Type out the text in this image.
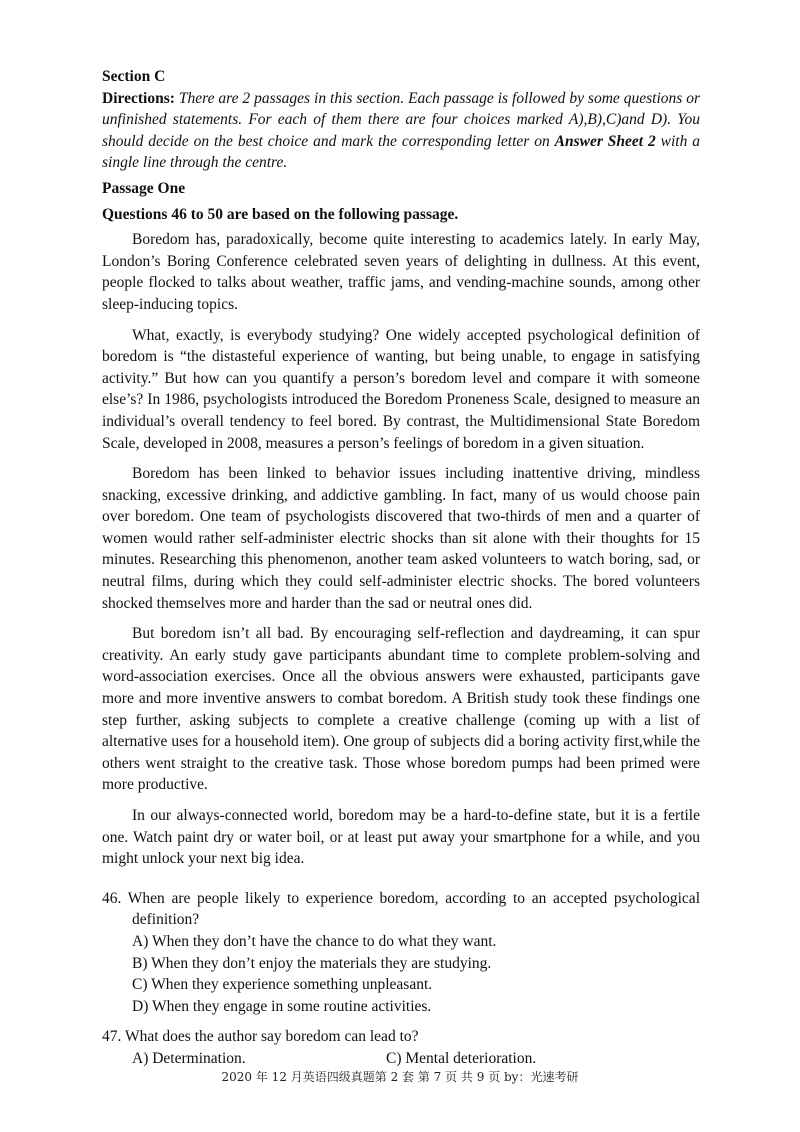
Section C
Directions: There are 2 passages in this section. Each passage is followed by some questions or unfinished statements. For each of them there are four choices marked A),B),C)and D). You should decide on the best choice and mark the corresponding letter on Answer Sheet 2 with a single line through the centre.
Passage One
Questions 46 to 50 are based on the following passage.

Boredom has, paradoxically, become quite interesting to academics lately. In early May, London’s Boring Conference celebrated seven years of delighting in dullness. At this event, people flocked to talks about weather, traffic jams, and vending-machine sounds, among other sleep-inducing topics.

What, exactly, is everybody studying? One widely accepted psychological definition of boredom is “the distasteful experience of wanting, but being unable, to engage in satisfying activity.” But how can you quantify a person’s boredom level and compare it with someone else’s? In 1986, psychologists introduced the Boredom Proneness Scale, designed to measure an individual’s overall tendency to feel bored. By contrast, the Multidimensional State Boredom Scale, developed in 2008, measures a person’s feelings of boredom in a given situation.

Boredom has been linked to behavior issues including inattentive driving, mindless snacking, excessive drinking, and addictive gambling. In fact, many of us would choose pain over boredom. One team of psychologists discovered that two-thirds of men and a quarter of women would rather self-administer electric shocks than sit alone with their thoughts for 15 minutes. Researching this phenomenon, another team asked volunteers to watch boring, sad, or neutral films, during which they could self-administer electric shocks. The bored volunteers shocked themselves more and harder than the sad or neutral ones did.

But boredom isn’t all bad. By encouraging self-reflection and daydreaming, it can spur creativity. An early study gave participants abundant time to complete problem-solving and word-association exercises. Once all the obvious answers were exhausted, participants gave more and more inventive answers to combat boredom. A British study took these findings one step further, asking subjects to complete a creative challenge (coming up with a list of alternative uses for a household item). One group of subjects did a boring activity first,while the others went straight to the creative task. Those whose boredom pumps had been primed were more productive.

In our always-connected world, boredom may be a hard-to-define state, but it is a fertile one. Watch paint dry or water boil, or at least put away your smartphone for a while, and you might unlock your next big idea.

46. When are people likely to experience boredom, according to an accepted psychological definition?
A) When they don’t have the chance to do what they want.
B) When they don’t enjoy the materials they are studying.
C) When they experience something unpleasant.
D) When they engage in some routine activities.
47. What does the author say boredom can lead to?
A) Determination.	C) Mental deterioration.
2020 年 12 月英语四级真题第 2 套 第 7 页 共 9 页 by：光速考研
